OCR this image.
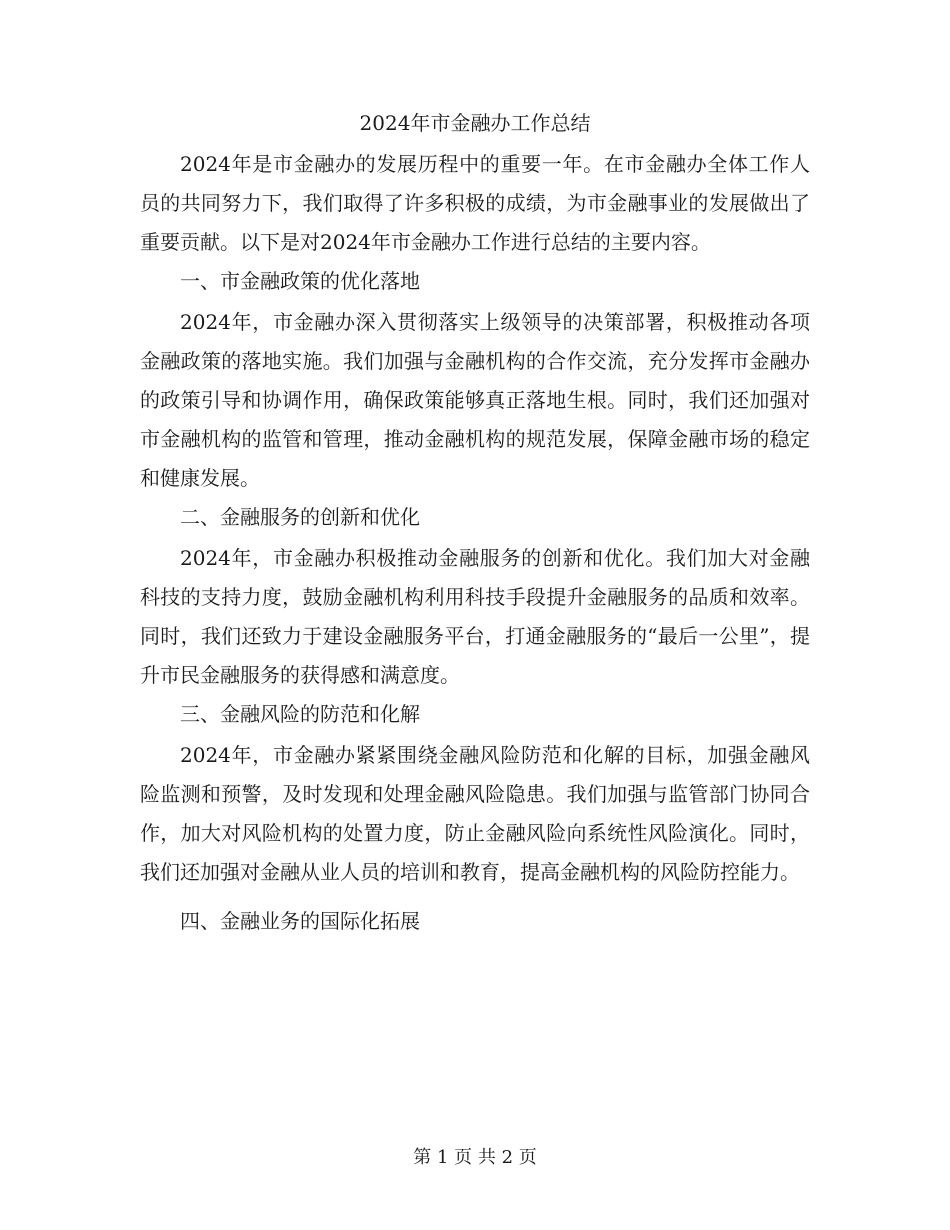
2024年市金融办工作总结

2024年是市金融办的发展历程中的重要一年。在市金融办全体工作人员的共同努力下，我们取得了许多积极的成绩，为市金融事业的发展做出了重要贡献。以下是对2024年市金融办工作进行总结的主要内容。

一、市金融政策的优化落地

2024年，市金融办深入贯彻落实上级领导的决策部署，积极推动各项金融政策的落地实施。我们加强与金融机构的合作交流，充分发挥市金融办的政策引导和协调作用，确保政策能够真正落地生根。同时，我们还加强对市金融机构的监管和管理，推动金融机构的规范发展，保障金融市场的稳定和健康发展。

二、金融服务的创新和优化

2024年，市金融办积极推动金融服务的创新和优化。我们加大对金融科技的支持力度，鼓励金融机构利用科技手段提升金融服务的品质和效率。同时，我们还致力于建设金融服务平台，打通金融服务的“最后一公里”，提升市民金融服务的获得感和满意度。

三、金融风险的防范和化解

2024年，市金融办紧紧围绕金融风险防范和化解的目标，加强金融风险监测和预警，及时发现和处理金融风险隐患。我们加强与监管部门协同合作，加大对风险机构的处置力度，防止金融风险向系统性风险演化。同时，我们还加强对金融从业人员的培训和教育，提高金融机构的风险防控能力。

四、金融业务的国际化拓展

第 1 页 共 2 页
